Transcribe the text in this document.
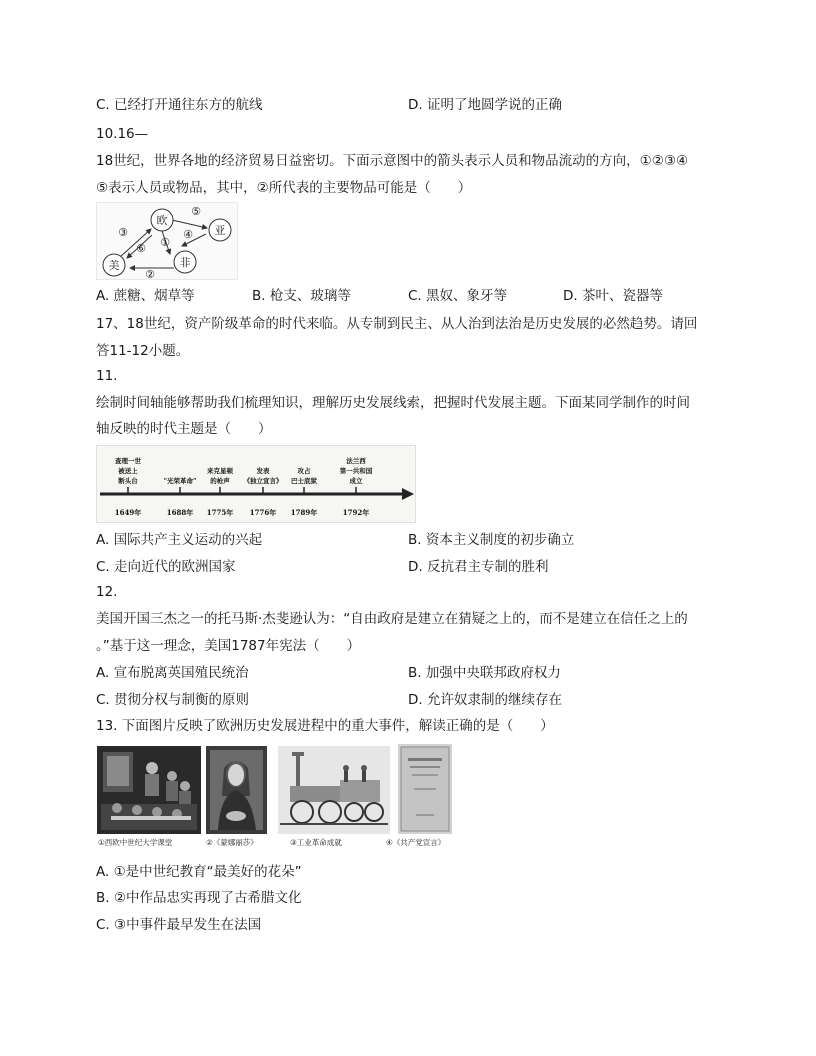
C. 已经打开通往东方的航线	D. 证明了地圆学说的正确
10.16—
18世纪，世界各地的经济贸易日益密切。下面示意图中的箭头表示人员和物品流动的方向，①②③④
⑤表示人员或物品，其中，②所代表的主要物品可能是（　　）
欧
亚
非
美
③
⑥ ①
④
⑤
②
A. 蔗糖、烟草等	B. 枪支、玻璃等	C. 黑奴、象牙等	D. 茶叶、瓷器等
17、18世纪，资产阶级革命的时代来临。从专制到民主、从人治到法治是历史发展的必然趋势。请回
答11-12小题。
11.
绘制时间轴能够帮助我们梳理知识，理解历史发展线索，把握时代发展主题。下面某同学制作的时间
轴反映的时代主题是（　　）
查理一世
被送上
断头台
1649年
"光荣革命"
1688年
来克星顿
的枪声
1775年
发表
《独立宣言》
1776年
攻占
巴士底狱
1789年
法兰西
第一共和国
成立
1792年
A. 国际共产主义运动的兴起	B. 资本主义制度的初步确立
C. 走向近代的欧洲国家	D. 反抗君主专制的胜利
12.
美国开国三杰之一的托马斯·杰斐逊认为：“自由政府是建立在猜疑之上的，而不是建立在信任之上的
。”基于这一理念，美国1787年宪法（　　）
A. 宣布脱离英国殖民统治	B. 加强中央联邦政府权力
C. 贯彻分权与制衡的原则	D. 允许奴隶制的继续存在
13. 下面图片反映了欧洲历史发展进程中的重大事件，解读正确的是（　　）
①西欧中世纪大学课堂	②《蒙娜丽莎》	③工业革命成就	④《共产党宣言》
A. ①是中世纪教育“最美好的花朵”
B. ②中作品忠实再现了古希腊文化
C. ③中事件最早发生在法国
